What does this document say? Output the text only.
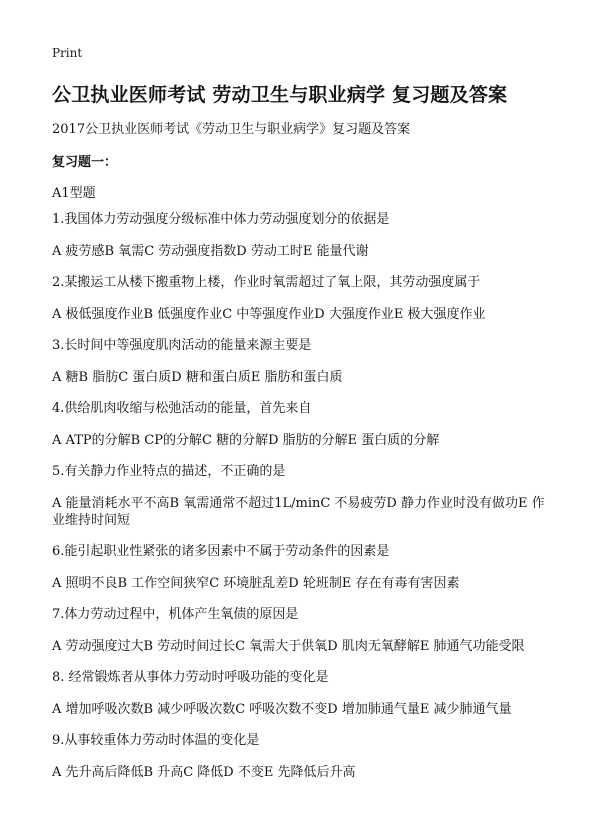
Print
公卫执业医师考试 劳动卫生与职业病学 复习题及答案
2017公卫执业医师考试《劳动卫生与职业病学》复习题及答案
复习题一：
A1型题
1.我国体力劳动强度分级标准中体力劳动强度划分的依据是
A 疲劳感B 氧需C 劳动强度指数D 劳动工时E 能量代谢
2.某搬运工从楼下搬重物上楼，作业时氧需超过了氧上限，其劳动强度属于
A 极低强度作业B 低强度作业C 中等强度作业D 大强度作业E 极大强度作业
3.长时间中等强度肌肉活动的能量来源主要是
A 糖B 脂肪C 蛋白质D 糖和蛋白质E 脂肪和蛋白质
4.供给肌肉收缩与松弛活动的能量，首先来自
A ATP的分解B CP的分解C 糖的分解D 脂肪的分解E 蛋白质的分解
5.有关静力作业特点的描述，不正确的是
A 能量消耗水平不高B 氧需通常不超过1L/minC 不易疲劳D 静力作业时没有做功E 作业维持时间短
6.能引起职业性紧张的诸多因素中不属于劳动条件的因素是
A 照明不良B 工作空间狭窄C 环境脏乱差D 轮班制E 存在有毒有害因素
7.体力劳动过程中，机体产生氧债的原因是
A 劳动强度过大B 劳动时间过长C 氧需大于供氧D 肌肉无氧酵解E 肺通气功能受限
8. 经常锻炼者从事体力劳动时呼吸功能的变化是
A 增加呼吸次数B 减少呼吸次数C 呼吸次数不变D 增加肺通气量E 减少肺通气量
9.从事较重体力劳动时体温的变化是
A 先升高后降低B 升高C 降低D 不变E 先降低后升高
